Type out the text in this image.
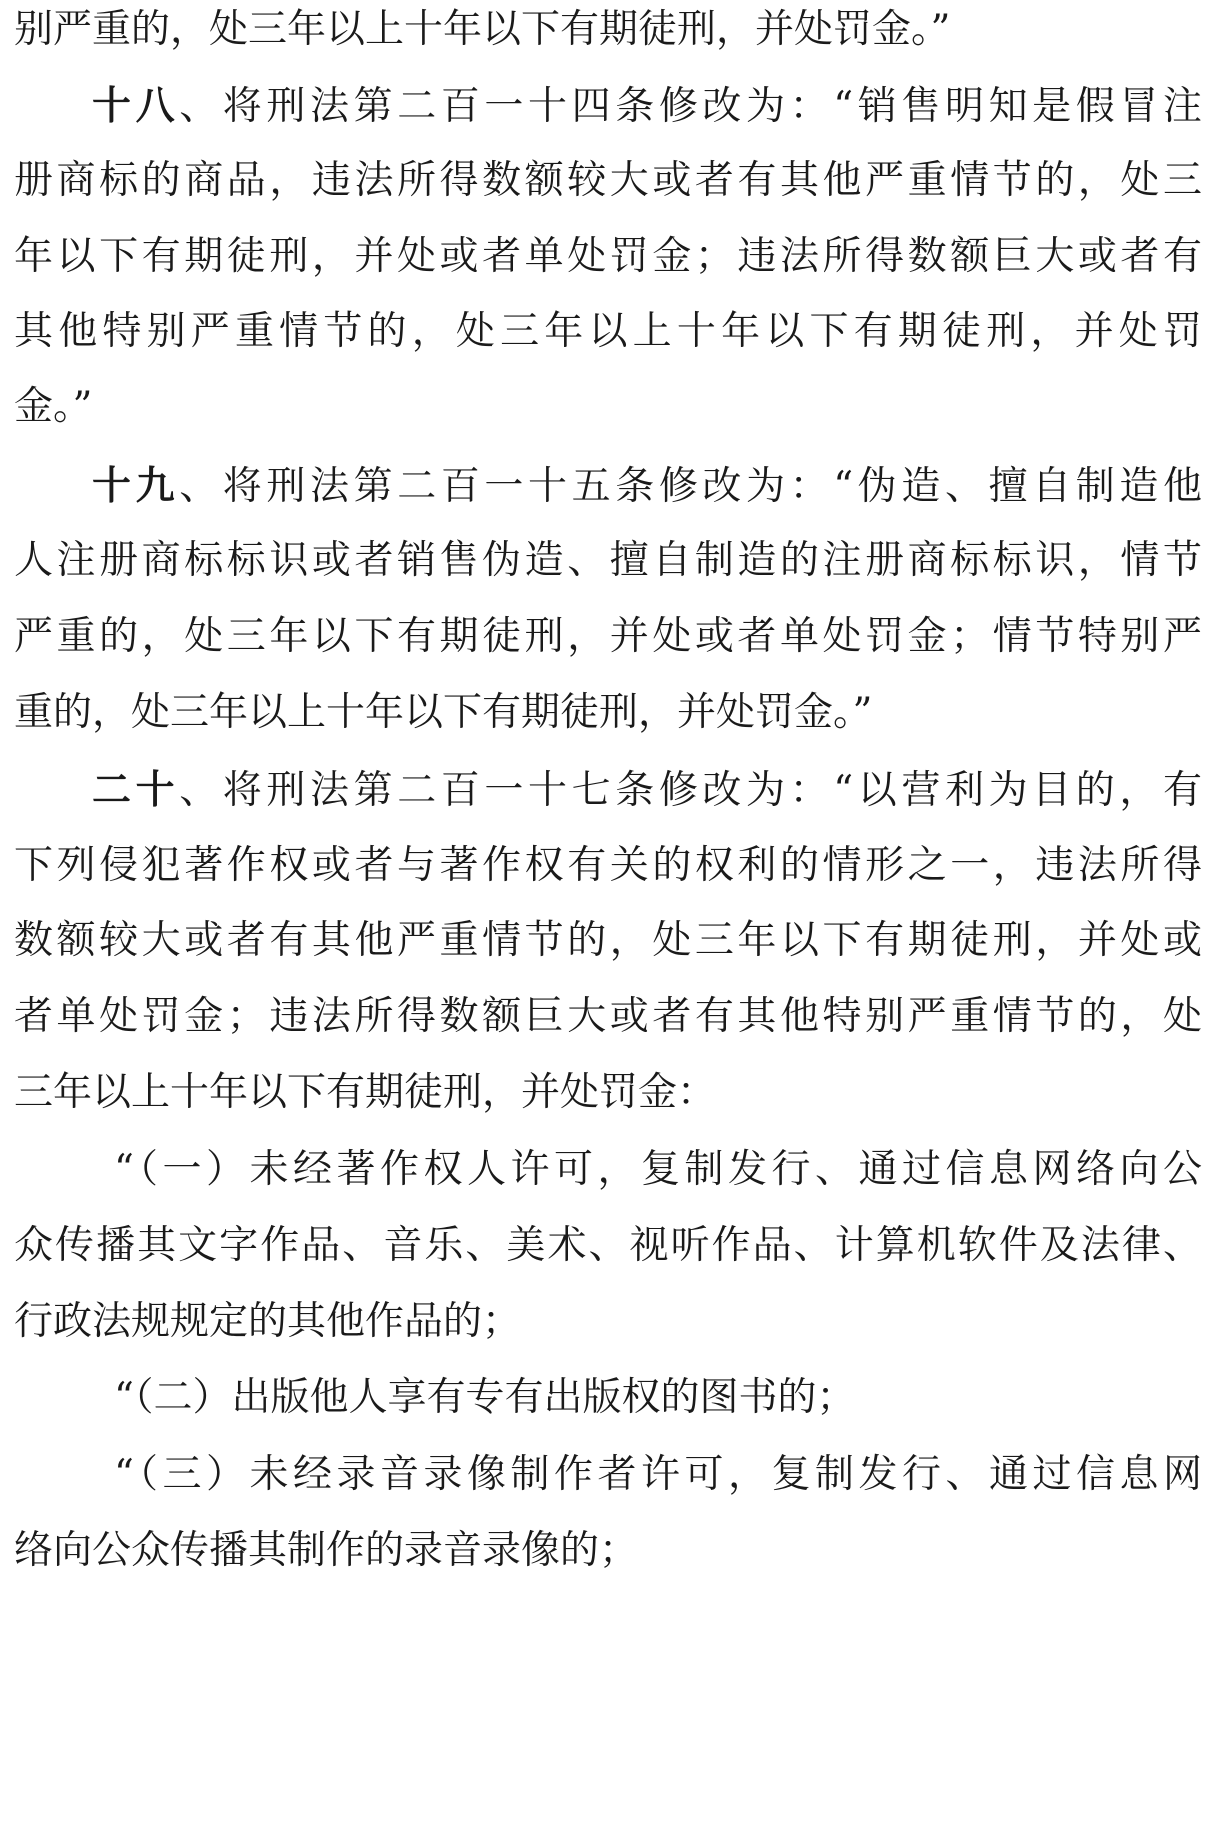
别严重的，处三年以上十年以下有期徒刑，并处罚金。”
十八、将刑法第二百一十四条修改为：“销售明知是假冒注
册商标的商品，违法所得数额较大或者有其他严重情节的，处三
年以下有期徒刑，并处或者单处罚金；违法所得数额巨大或者有
其他特别严重情节的，处三年以上十年以下有期徒刑，并处罚
金。”
十九、将刑法第二百一十五条修改为：“伪造、擅自制造他
人注册商标标识或者销售伪造、擅自制造的注册商标标识，情节
严重的，处三年以下有期徒刑，并处或者单处罚金；情节特别严
重的，处三年以上十年以下有期徒刑，并处罚金。”
二十、将刑法第二百一十七条修改为：“以营利为目的，有
下列侵犯著作权或者与著作权有关的权利的情形之一，违法所得
数额较大或者有其他严重情节的，处三年以下有期徒刑，并处或
者单处罚金；违法所得数额巨大或者有其他特别严重情节的，处
三年以上十年以下有期徒刑，并处罚金：
“（一）未经著作权人许可，复制发行、通过信息网络向公
众传播其文字作品、音乐、美术、视听作品、计算机软件及法律、
行政法规规定的其他作品的；
“（二）出版他人享有专有出版权的图书的；
“（三）未经录音录像制作者许可，复制发行、通过信息网
络向公众传播其制作的录音录像的；
